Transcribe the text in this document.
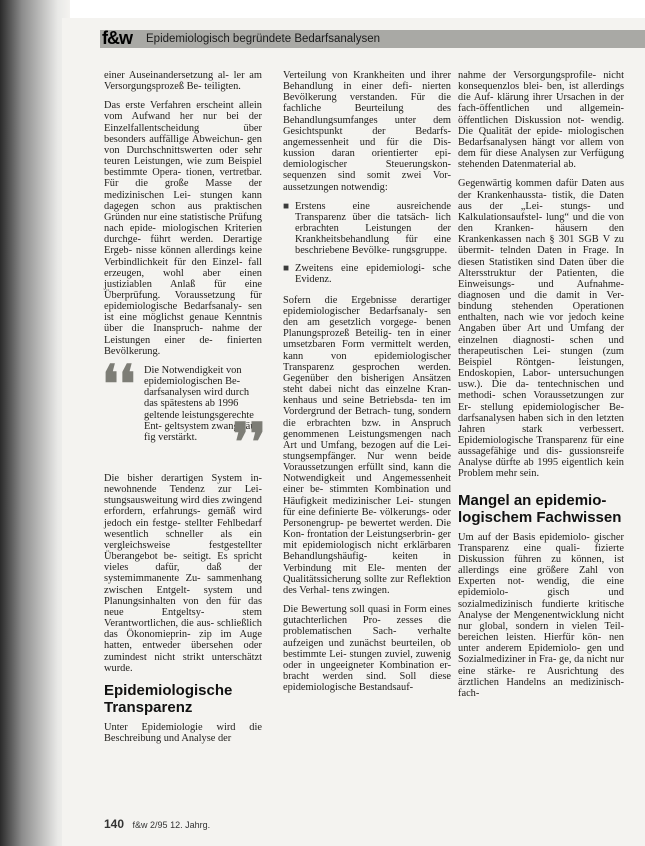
f&w	Epidemiologisch begründete Bedarfsanalysen

einer Auseinandersetzung al- ler am Versorgungsprozeß Be- teiligten.

Das erste Verfahren erscheint allein vom Aufwand her nur bei der Einzelfallentscheidung über besonders auffällige Abweichun- gen von Durchschnittswerten oder sehr teuren Leistungen, wie zum Beispiel bestimmte Opera- tionen, vertretbar. Für die große Masse der medizinischen Lei- stungen kann dagegen schon aus praktischen Gründen nur eine statistische Prüfung nach epide- miologischen Kriterien durchge- führt werden. Derartige Ergeb- nisse können allerdings keine Verbindlichkeit für den Einzel- fall erzeugen, wohl aber einen justiziablen Anlaß für eine Überprüfung. Voraussetzung für epidemiologische Bedarfsanaly- sen ist eine möglichst genaue Kenntnis über die Inanspruch- nahme der Leistungen einer de- finierten Bevölkerung.

❛❛ Die Notwendigkeit von epidemiologischen Be- darfsanalysen wird durch das spätestens ab 1996 geltende leistungsgerechte Ent- geltsystem zwangsläu- fig verstärkt. ❜❜

Die bisher derartigen System in- newohnende Tendenz zur Lei- stungsausweitung wird dies zwingend erfordern, erfahrungs- gemäß wird jedoch ein festge- stellter Fehlbedarf wesentlich schneller als ein vergleichsweise festgestellter Überangebot be- seitigt. Es spricht vieles dafür, daß der systemimmanente Zu- sammenhang zwischen Entgelt- system und Planungsinhalten von den für das neue Entgeltsy- stem Verantwortlichen, die aus- schließlich das Ökonomieprin- zip im Auge hatten, entweder übersehen oder zumindest nicht strikt unterschätzt wurde.

Epidemiologische Transparenz

Unter Epidemiologie wird die Beschreibung und Analyse der

Verteilung von Krankheiten und ihrer Behandlung in einer defi- nierten Bevölkerung verstanden. Für die fachliche Beurteilung des Behandlungsumfanges unter dem Gesichtspunkt der Bedarfs- angemessenheit und für die Dis- kussion daran orientierter epi- demiologischer Steuerungskon- sequenzen sind somit zwei Vor- aussetzungen notwendig:

■ Erstens eine ausreichende Transparenz über die tatsäch- lich erbrachten Leistungen der Krankheitsbehandlung für eine beschriebene Bevölke- rungsgruppe.
■ Zweitens eine epidemiologi- sche Evidenz.

Sofern die Ergebnisse derartiger epidemiologischer Bedarfsanaly- sen den am gesetzlich vorgege- benen Planungsprozeß Beteilig- ten in einer umsetzbaren Form vermittelt werden, kann von epidemiologischer Transparenz gesprochen werden. Gegenüber den bisherigen Ansätzen steht dabei nicht das einzelne Kran- kenhaus und seine Betriebsda- ten im Vordergrund der Betrach- tung, sondern die erbrachten bzw. in Anspruch genommenen Leistungsmengen nach Art und Umfang, bezogen auf die Lei- stungsempfänger. Nur wenn beide Voraussetzungen erfüllt sind, kann die Notwendigkeit und Angemessenheit einer be- stimmten Kombination und Häufigkeit medizinischer Lei- stungen für eine definierte Be- völkerungs- oder Personengrup- pe bewertet werden. Die Kon- frontation der Leistungserbrin- ger mit epidemiologisch nicht erklärbaren Behandlungshäufig- keiten in Verbindung mit Ele- menten der Qualitätssicherung sollte zur Reflektion des Verhal- tens zwingen.

Die Bewertung soll quasi in Form eines gutachterlichen Pro- zesses die problematischen Sach- verhalte aufzeigen und zunächst beurteilen, ob bestimmte Lei- stungen zuviel, zuwenig oder in ungeeigneter Kombination er- bracht werden sind. Soll diese epidemiologische Bestandsauf-

nahme der Versorgungsprofile- nicht konsequenzlos blei- ben, ist allerdings die Auf- klärung ihrer Ursachen in der fach-öffentlichen und allgemein- öffentlichen Diskussion not- wendig. Die Qualität der epide- miologischen Bedarfsanalysen hängt vor allem von dem für diese Analysen zur Verfügung stehenden Datenmaterial ab.

Gegenwärtig kommen dafür Daten aus der Krankenhaussta- tistik, die Daten aus der „Lei- stungs- und Kalkulationsaufstel- lung“ und die von den Kranken- häusern den Krankenkassen nach § 301 SGB V zu übermit- telnden Daten in Frage. In diesen Statistiken sind Daten über die Altersstruktur der Patienten, die Einweisungs- und Aufnahme- diagnosen und die damit in Ver- bindung stehenden Operationen enthalten, nach wie vor jedoch keine Angaben über Art und Umfang der einzelnen diagnosti- schen und therapeutischen Lei- stungen (zum Beispiel Röntgen- leistungen, Endoskopien, Labor- untersuchungen usw.). Die da- tentechnischen und methodi- schen Voraussetzungen zur Er- stellung epidemiologischer Be- darfsanalysen haben sich in den letzten Jahren stark verbessert. Epidemiologische Transparenz für eine aussagefähige und dis- gussionsreife Analyse dürfte ab 1995 eigentlich kein Problem mehr sein.

Mangel an epidemio- logischem Fachwissen

Um auf der Basis epidemiolo- gischer Transparenz eine quali- fizierte Diskussion führen zu können, ist allerdings eine größere Zahl von Experten not- wendig, die eine epidemiolo- gisch und sozialmedizinisch fundierte kritische Analyse der Mengenentwicklung nicht nur global, sondern in vielen Teil- bereichen leisten. Hierfür kön- nen unter anderem Epidemiolo- gen und Sozialmediziner in Fra- ge, da nicht nur eine stärke- re Ausrichtung des ärztlichen Handelns an medizinisch-fach-

140 f&w 2/95 12. Jahrg.
